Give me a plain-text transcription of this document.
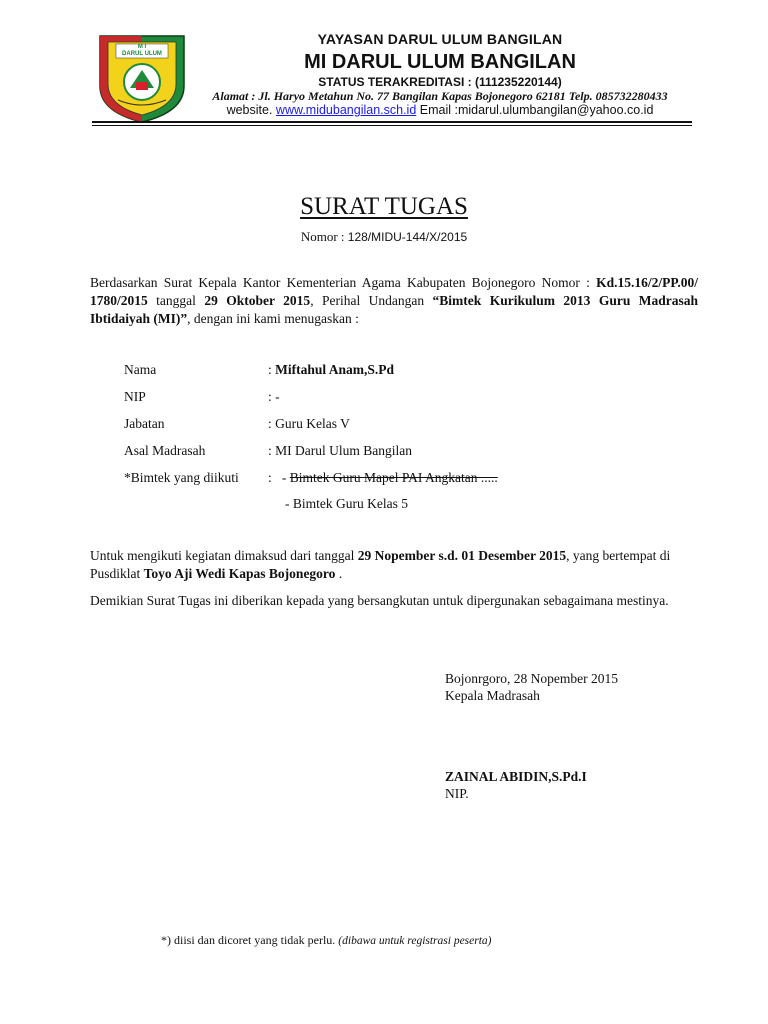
M I
DARUL ULUM
YAYASAN DARUL ULUM BANGILAN
MI DARUL ULUM BANGILAN
STATUS TERAKREDITASI : (111235220144)
Alamat : Jl. Haryo Metahun No. 77 Bangilan Kapas Bojonegoro 62181 Telp. 085732280433
website. www.midubangilan.sch.id Email :midarul.ulumbangilan@yahoo.co.id
SURAT TUGAS
Nomor : 128/MIDU-144/X/2015
Berdasarkan Surat Kepala Kantor Kementerian Agama Kabupaten Bojonegoro Nomor : Kd.15.16/2/PP.00/ 1780/2015 tanggal 29 Oktober 2015, Perihal Undangan “Bimtek Kurikulum 2013 Guru Madrasah Ibtidaiyah (MI)”, dengan ini kami menugaskan :
Nama	: Miftahul Anam,S.Pd
NIP	: -
Jabatan	: Guru Kelas V
Asal Madrasah	: MI Darul Ulum Bangilan
*Bimtek yang diikuti : - Bimtek Guru Mapel PAI Angkatan .....
- Bimtek Guru Kelas 5
Untuk mengikuti kegiatan dimaksud dari tanggal 29 Nopember s.d. 01 Desember 2015, yang bertempat di Pusdiklat Toyo Aji Wedi Kapas Bojonegoro .
Demikian Surat Tugas ini diberikan kepada yang bersangkutan untuk dipergunakan sebagaimana mestinya.
Bojonrgoro, 28 Nopember 2015
Kepala Madrasah
ZAINAL ABIDIN,S.Pd.I
NIP.
*) diisi dan dicoret yang tidak perlu. (dibawa untuk registrasi peserta)
